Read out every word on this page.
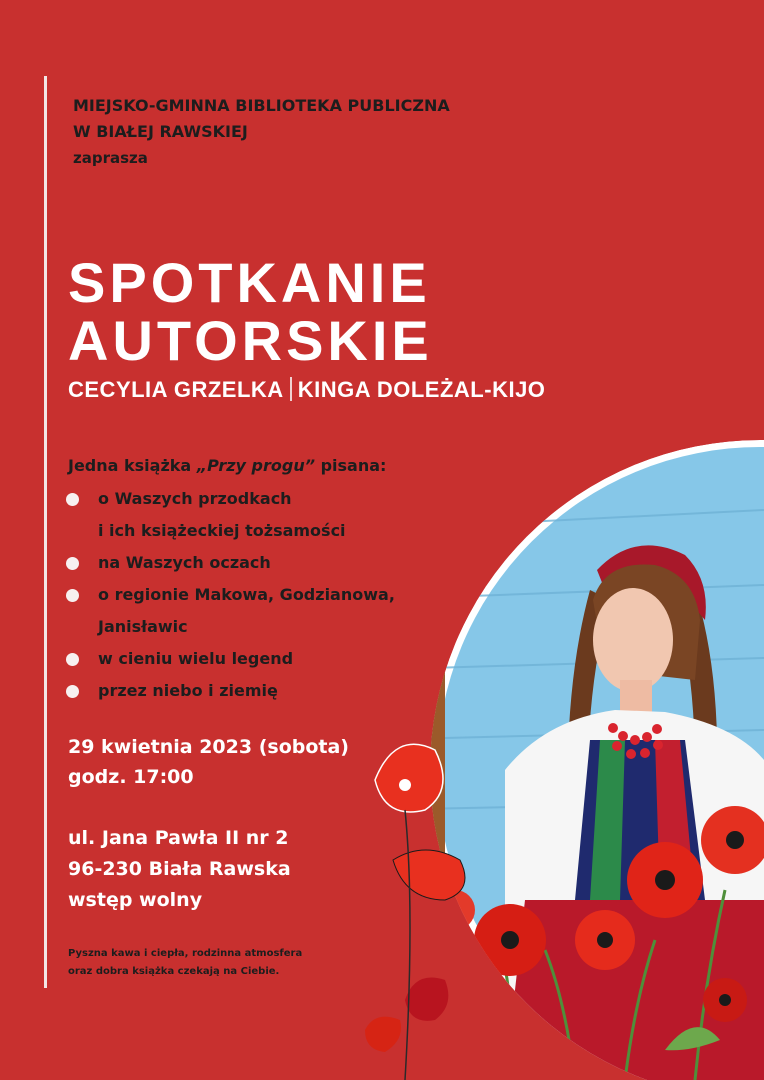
MIEJSKO-GMINNA BIBLIOTEKA PUBLICZNA
W BIAŁEJ RAWSKIEJ
zaprasza
SPOTKANIE
AUTORSKIE
CECYLIA GRZELKA KINGA DOLEŻAL-KIJO
Jedna książka „Przy progu” pisana:
o Waszych przodkach
i ich książeckiej tożsamości
na Waszych oczach
o regionie Makowa, Godzianowa,
Janisławic
w cieniu wielu legend
przez niebo i ziemię
29 kwietnia 2023 (sobota)
godz. 17:00
ul. Jana Pawła II nr 2
96-230 Biała Rawska
wstęp wolny
Pyszna kawa i ciepła, rodzinna atmosfera
oraz dobra książka czekają na Ciebie.
